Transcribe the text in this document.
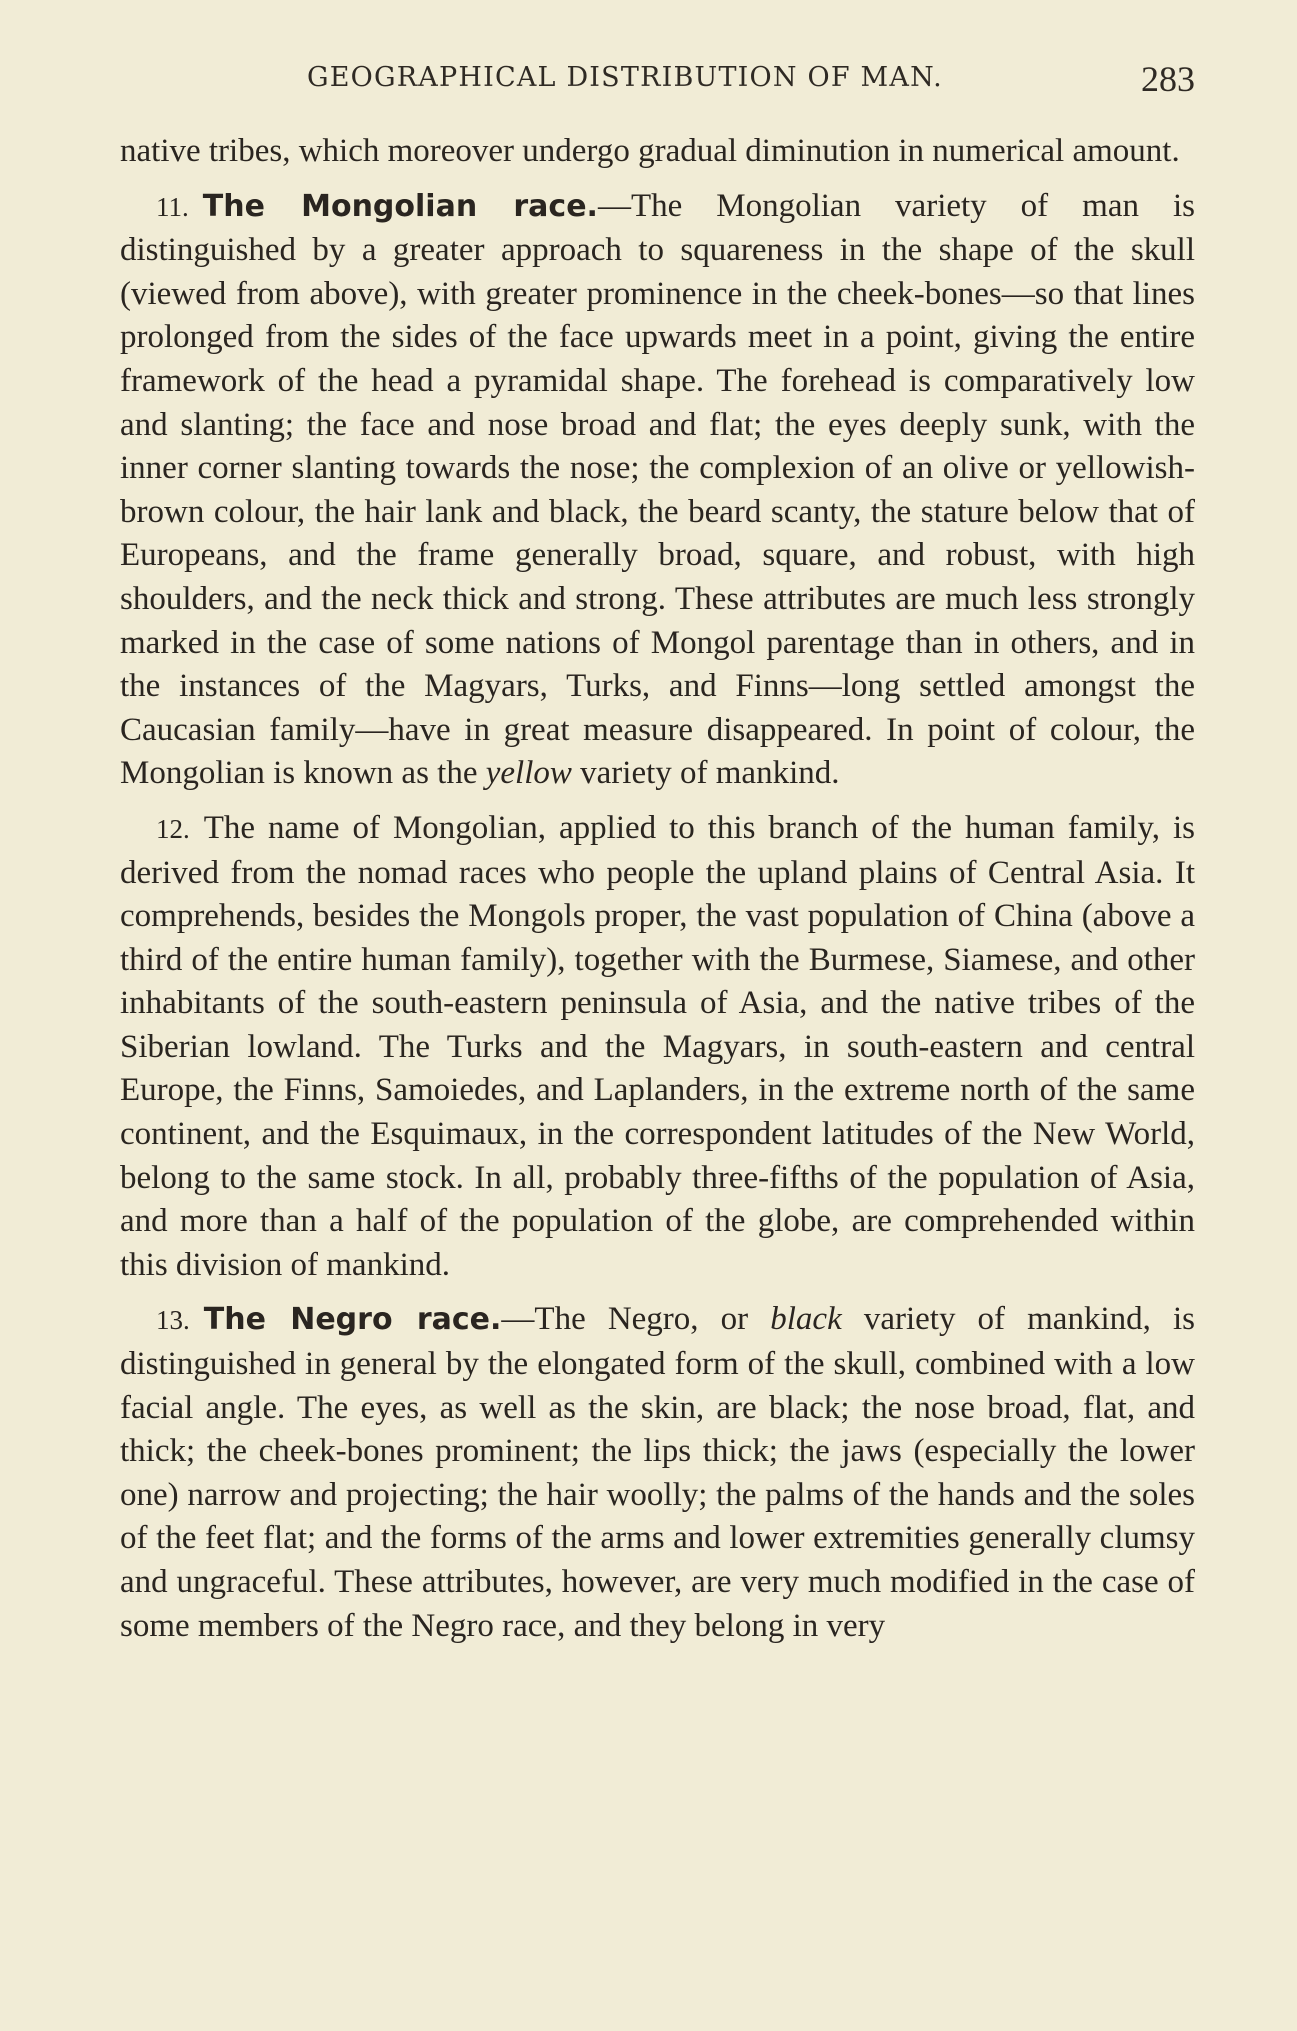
GEOGRAPHICAL DISTRIBUTION OF MAN.	283

native tribes, which moreover undergo gradual diminution in numerical amount.

11. The Mongolian race.—The Mongolian variety of man is distinguished by a greater approach to squareness in the shape of the skull (viewed from above), with greater prominence in the cheek-bones—so that lines prolonged from the sides of the face upwards meet in a point, giving the entire framework of the head a pyramidal shape. The forehead is comparatively low and slanting; the face and nose broad and flat; the eyes deeply sunk, with the inner corner slanting towards the nose; the complexion of an olive or yellowish-brown colour, the hair lank and black, the beard scanty, the stature below that of Europeans, and the frame generally broad, square, and robust, with high shoulders, and the neck thick and strong. These attributes are much less strongly marked in the case of some nations of Mongol parentage than in others, and in the instances of the Magyars, Turks, and Finns—long settled amongst the Caucasian family—have in great measure disappeared. In point of colour, the Mongolian is known as the yellow variety of mankind.

12. The name of Mongolian, applied to this branch of the human family, is derived from the nomad races who people the upland plains of Central Asia. It comprehends, besides the Mongols proper, the vast population of China (above a third of the entire human family), together with the Burmese, Siamese, and other inhabitants of the south-eastern peninsula of Asia, and the native tribes of the Siberian lowland. The Turks and the Magyars, in south-eastern and central Europe, the Finns, Samoiedes, and Laplanders, in the extreme north of the same continent, and the Esquimaux, in the correspondent latitudes of the New World, belong to the same stock. In all, probably three-fifths of the population of Asia, and more than a half of the population of the globe, are comprehended within this division of mankind.

13. The Negro race.—The Negro, or black variety of mankind, is distinguished in general by the elongated form of the skull, combined with a low facial angle. The eyes, as well as the skin, are black; the nose broad, flat, and thick; the cheek-bones prominent; the lips thick; the jaws (especially the lower one) narrow and projecting; the hair woolly; the palms of the hands and the soles of the feet flat; and the forms of the arms and lower extremities generally clumsy and ungraceful. These attributes, however, are very much modified in the case of some members of the Negro race, and they belong in very
